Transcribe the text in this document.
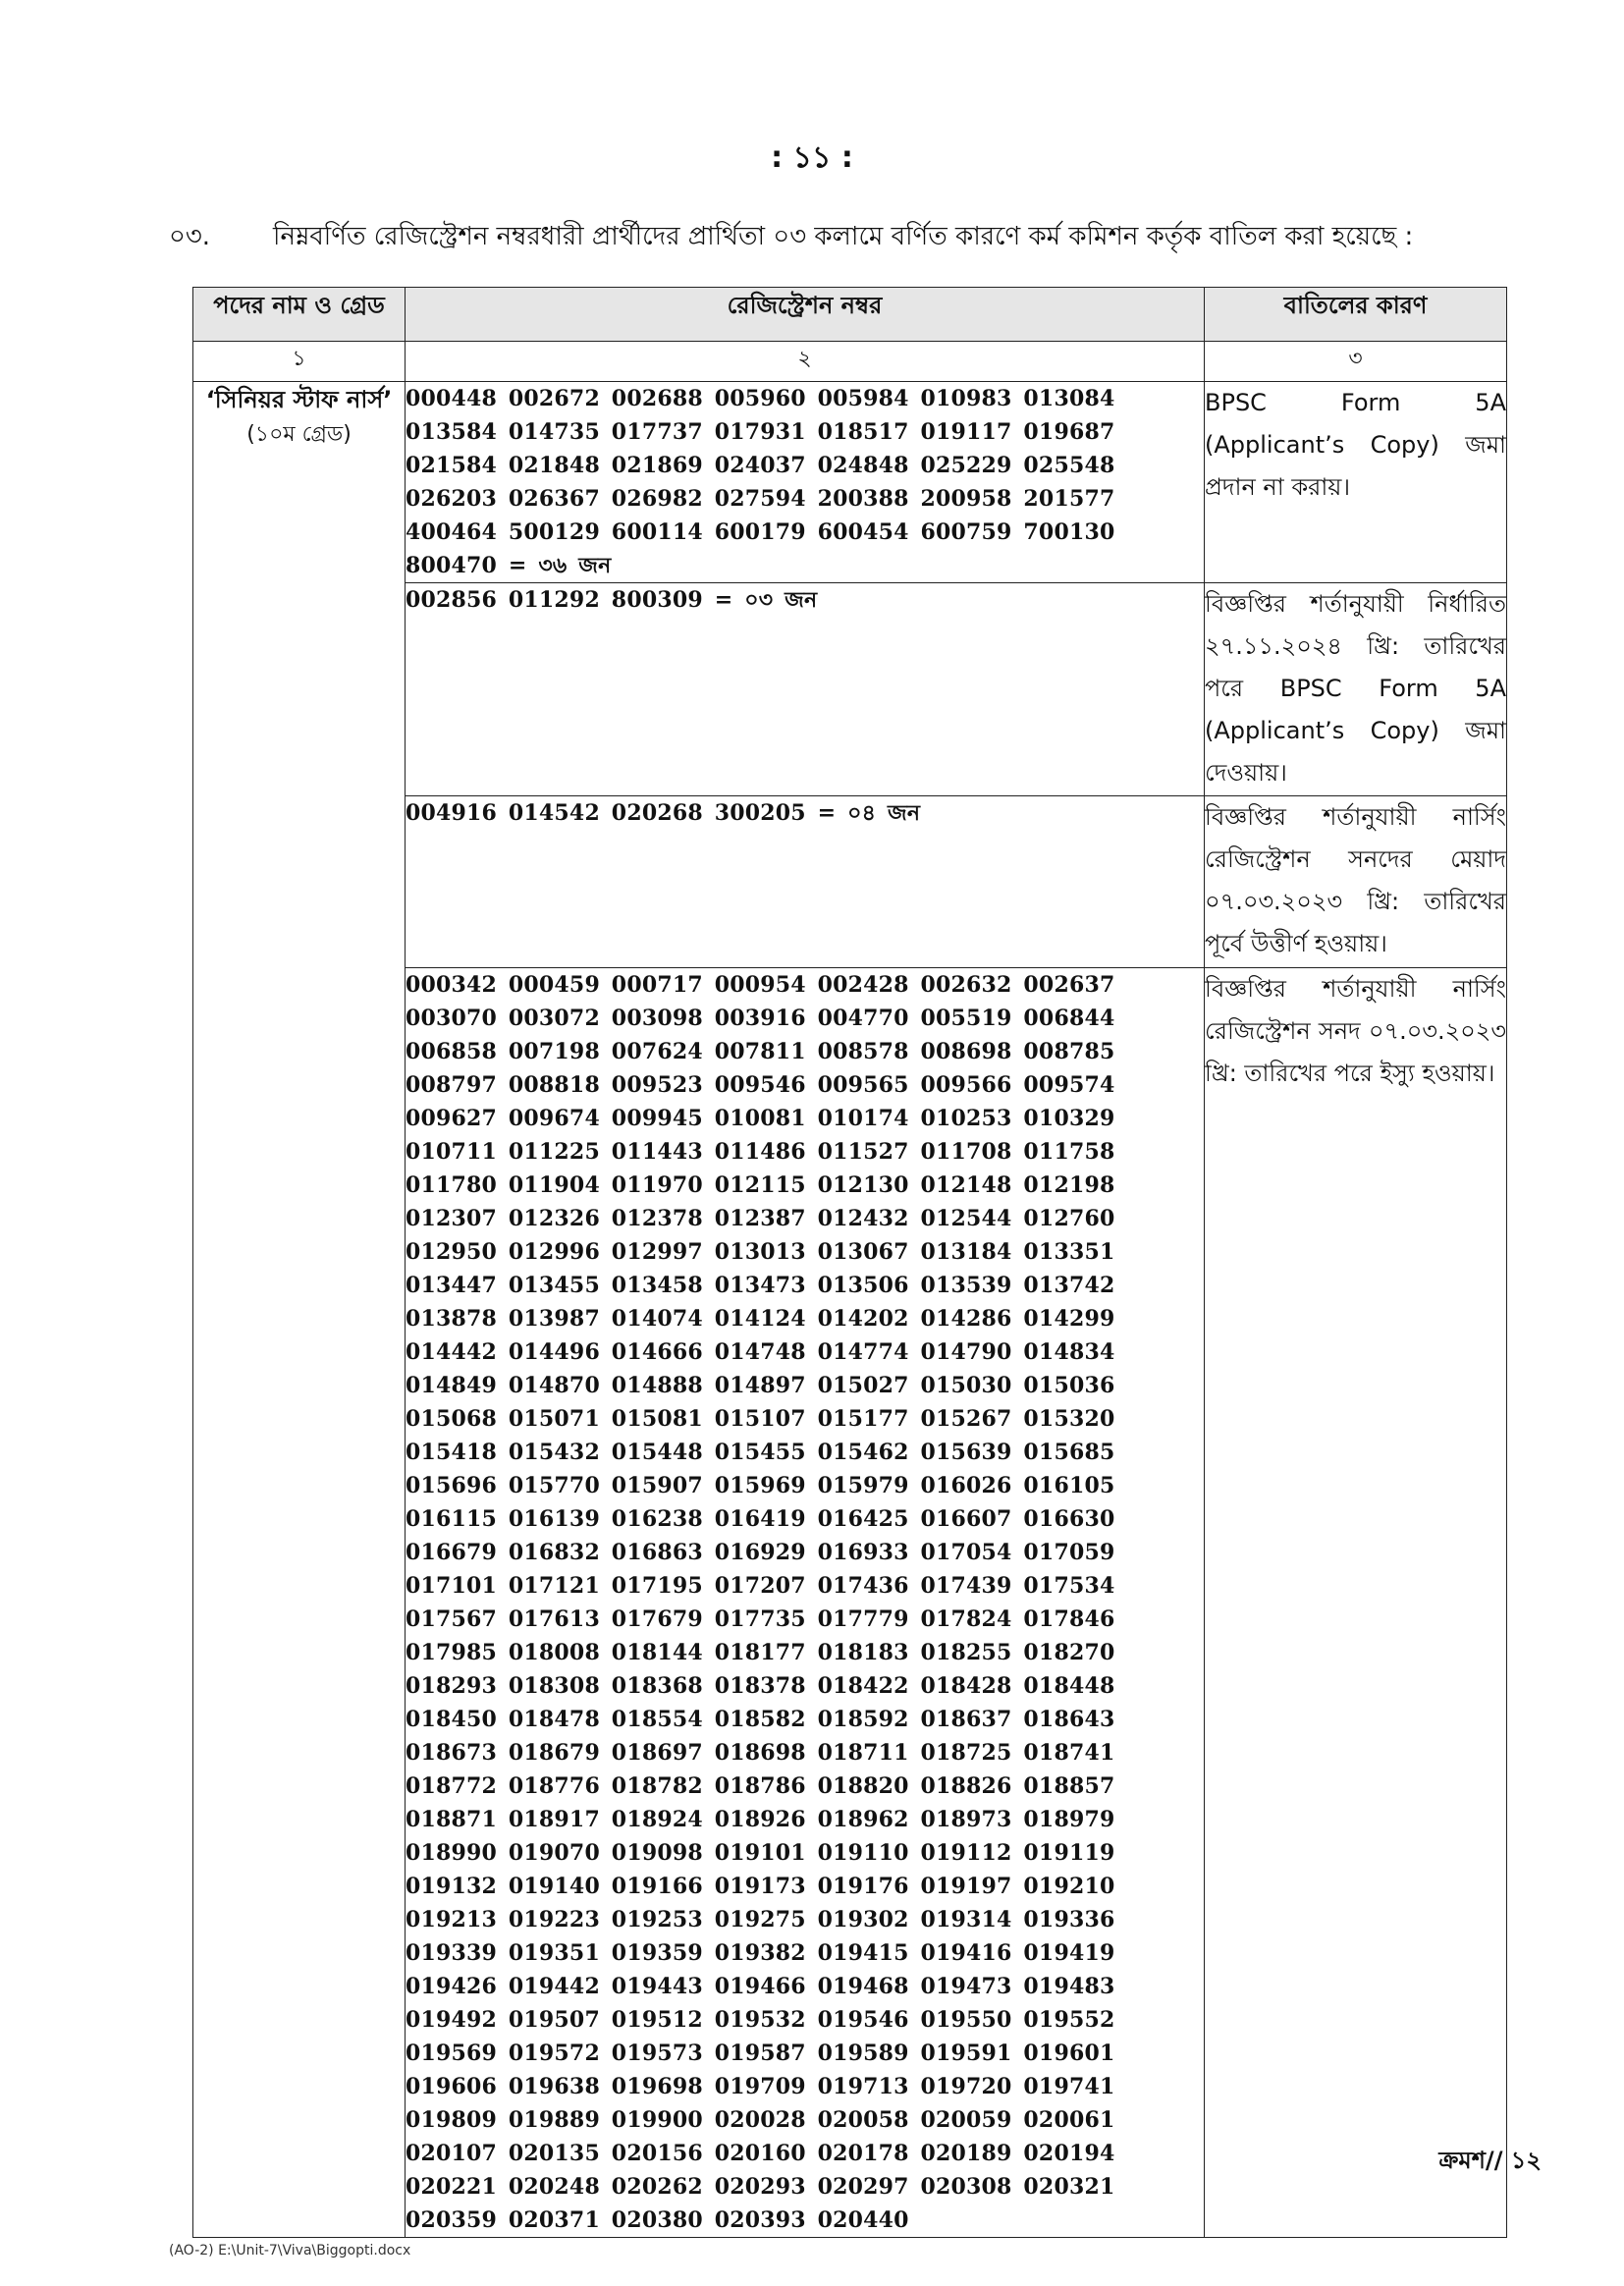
: ১১ :
০৩. নিম্নবর্ণিত রেজিস্ট্রেশন নম্বরধারী প্রার্থীদের প্রার্থিতা ০৩ কলামে বর্ণিত কারণে কর্ম কমিশন কর্তৃক বাতিল করা হয়েছে :
পদের নাম ও গ্রেড	রেজিস্ট্রেশন নম্বর	বাতিলের কারণ
১	২	৩

‘সিনিয়র স্টাফ নার্স’
(১০ম গ্রেড)	000448 002672 002688 005960 005984 010983 013084 013584 014735 017737 017931 018517 019117 019687 021584 021848 021869 024037 024848 025229 025548 026203 026367 026982 027594 200388 200958 201577 400464 500129 600114 600179 600454 600759 700130 800470 = ৩৬ জন	BPSC Form 5A (Applicant’s Copy) জমা প্রদান না করায়।

	002856 011292 800309 = ০৩ জন	বিজ্ঞপ্তির শর্তানুযায়ী নির্ধারিত ২৭.১১.২০২৪ খ্রি: তারিখের পরে BPSC Form 5A (Applicant’s Copy) জমা দেওয়ায়।

	004916 014542 020268 300205 = ০৪ জন	বিজ্ঞপ্তির শর্তানুযায়ী নার্সিং রেজিস্ট্রেশন সনদের মেয়াদ ০৭.০৩.২০২৩ খ্রি: তারিখের পূর্বে উত্তীর্ণ হওয়ায়।

	000342 000459 000717 000954 002428 002632 002637 003070 003072 003098 003916 004770 005519 006844 006858 007198 007624 007811 008578 008698 008785 008797 008818 009523 009546 009565 009566 009574 009627 009674 009945 010081 010174 010253 010329 010711 011225 011443 011486 011527 011708 011758 011780 011904 011970 012115 012130 012148 012198 012307 012326 012378 012387 012432 012544 012760 012950 012996 012997 013013 013067 013184 013351 013447 013455 013458 013473 013506 013539 013742 013878 013987 014074 014124 014202 014286 014299 014442 014496 014666 014748 014774 014790 014834 014849 014870 014888 014897 015027 015030 015036 015068 015071 015081 015107 015177 015267 015320 015418 015432 015448 015455 015462 015639 015685 015696 015770 015907 015969 015979 016026 016105 016115 016139 016238 016419 016425 016607 016630 016679 016832 016863 016929 016933 017054 017059 017101 017121 017195 017207 017436 017439 017534 017567 017613 017679 017735 017779 017824 017846 017985 018008 018144 018177 018183 018255 018270 018293 018308 018368 018378 018422 018428 018448 018450 018478 018554 018582 018592 018637 018643 018673 018679 018697 018698 018711 018725 018741 018772 018776 018782 018786 018820 018826 018857 018871 018917 018924 018926 018962 018973 018979 018990 019070 019098 019101 019110 019112 019119 019132 019140 019166 019173 019176 019197 019210 019213 019223 019253 019275 019302 019314 019336 019339 019351 019359 019382 019415 019416 019419 019426 019442 019443 019466 019468 019473 019483 019492 019507 019512 019532 019546 019550 019552 019569 019572 019573 019587 019589 019591 019601 019606 019638 019698 019709 019713 019720 019741 019809 019889 019900 020028 020058 020059 020061 020107 020135 020156 020160 020178 020189 020194 020221 020248 020262 020293 020297 020308 020321 020359 020371 020380 020393 020440	বিজ্ঞপ্তির শর্তানুযায়ী নার্সিং রেজিস্ট্রেশন সনদ ০৭.০৩.২০২৩ খ্রি: তারিখের পরে ইস্যু হওয়ায়।
ক্রমশ// ১২
(AO-2) E:\Unit-7\Viva\Biggopti.docx
